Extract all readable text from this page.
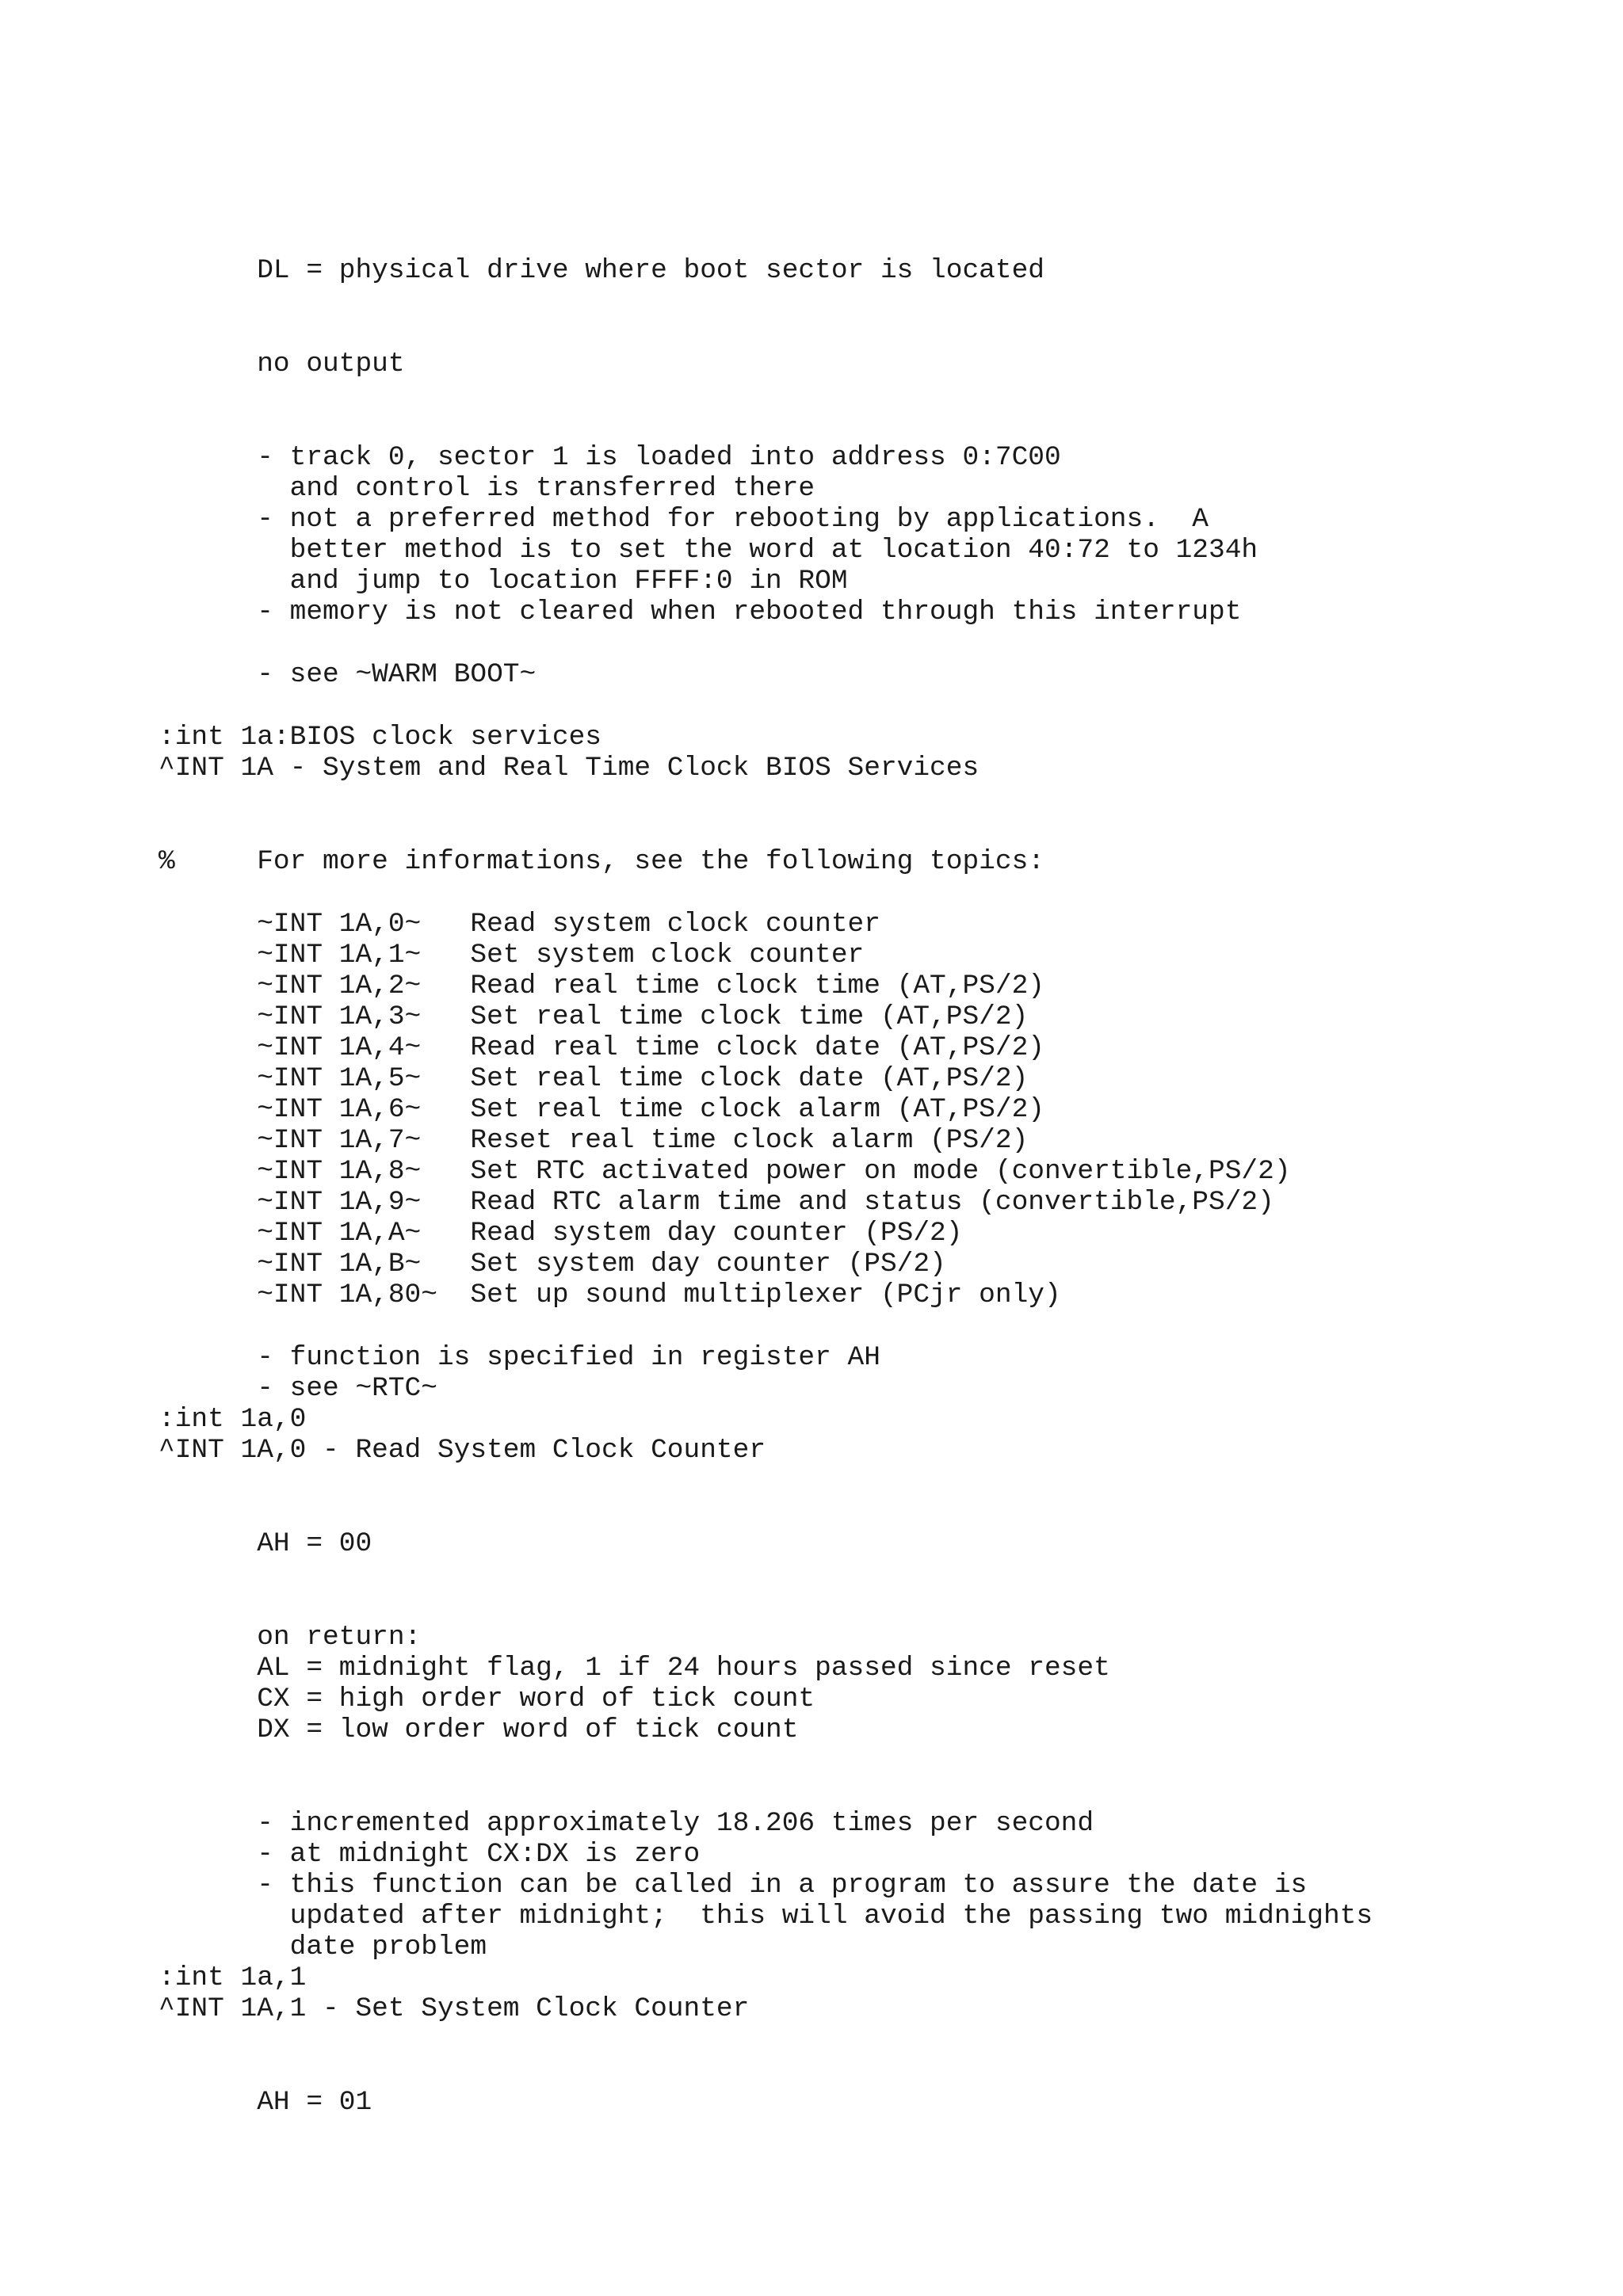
DL = physical drive where boot sector is located
no output
- track 0, sector 1 is loaded into address 0:7C00
and control is transferred there
- not a preferred method for rebooting by applications.  A
better method is to set the word at location 40:72 to 1234h
and jump to location FFFF:0 in ROM
- memory is not cleared when rebooted through this interrupt
- see ~WARM BOOT~
:int 1a:BIOS clock services
^INT 1A - System and Real Time Clock BIOS Services
%     For more informations, see the following topics:
~INT 1A,0~   Read system clock counter
~INT 1A,1~   Set system clock counter
~INT 1A,2~   Read real time clock time (AT,PS/2)
~INT 1A,3~   Set real time clock time (AT,PS/2)
~INT 1A,4~   Read real time clock date (AT,PS/2)
~INT 1A,5~   Set real time clock date (AT,PS/2)
~INT 1A,6~   Set real time clock alarm (AT,PS/2)
~INT 1A,7~   Reset real time clock alarm (PS/2)
~INT 1A,8~   Set RTC activated power on mode (convertible,PS/2)
~INT 1A,9~   Read RTC alarm time and status (convertible,PS/2)
~INT 1A,A~   Read system day counter (PS/2)
~INT 1A,B~   Set system day counter (PS/2)
~INT 1A,80~  Set up sound multiplexer (PCjr only)
- function is specified in register AH
- see ~RTC~
:int 1a,0
^INT 1A,0 - Read System Clock Counter
AH = 00
on return:
AL = midnight flag, 1 if 24 hours passed since reset
CX = high order word of tick count
DX = low order word of tick count
- incremented approximately 18.206 times per second
- at midnight CX:DX is zero
- this function can be called in a program to assure the date is
updated after midnight;  this will avoid the passing two midnights
date problem
:int 1a,1
^INT 1A,1 - Set System Clock Counter
AH = 01
